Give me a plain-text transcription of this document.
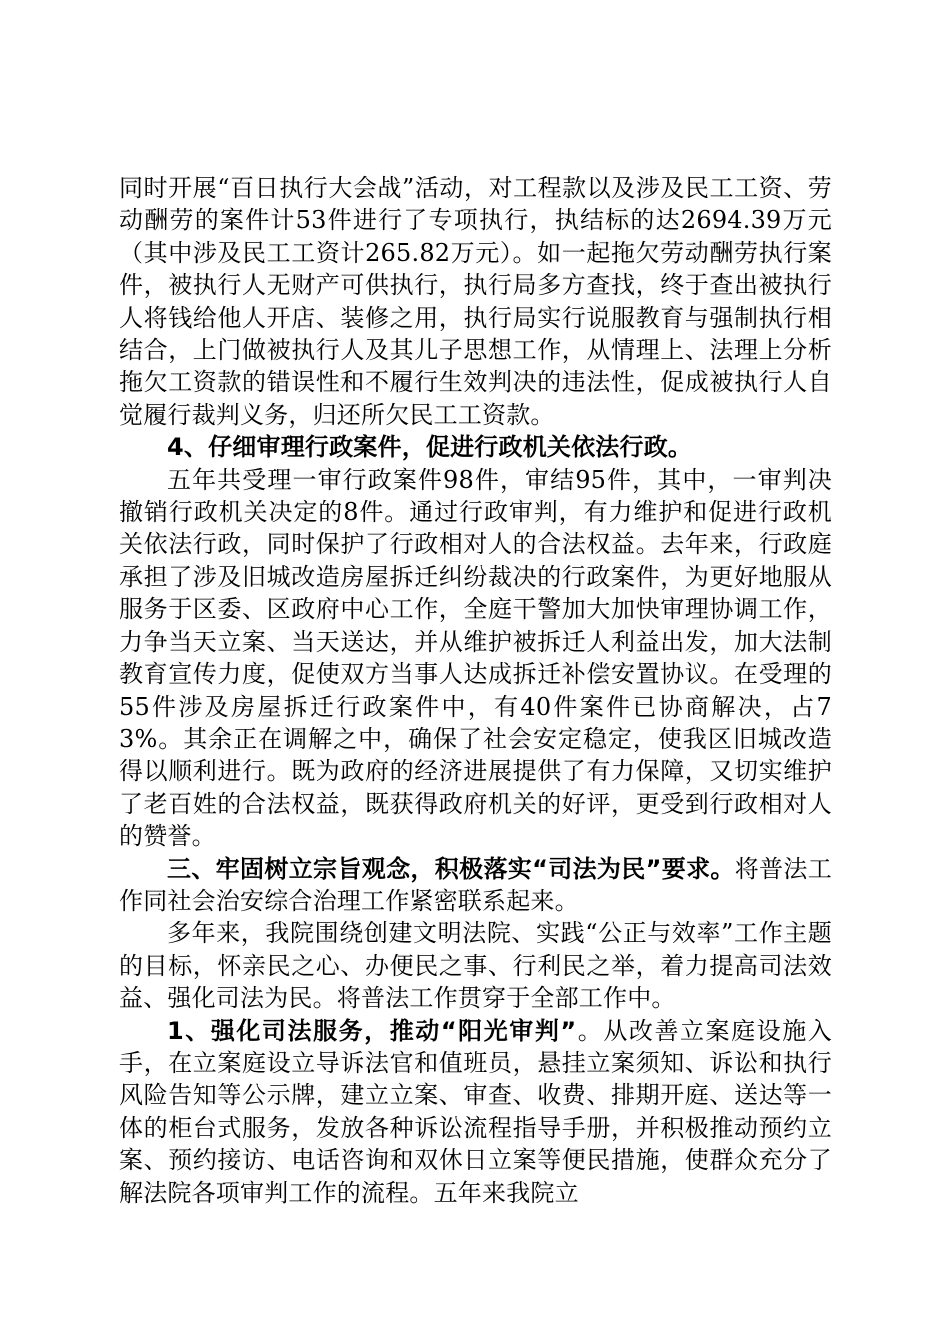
同时开展“百日执行大会战”活动，对工程款以及涉及民工工资、劳动酬劳的案件计53件进行了专项执行，执结标的达2694.39万元（其中涉及民工工资计265.82万元）。如一起拖欠劳动酬劳执行案件，被执行人无财产可供执行，执行局多方查找，终于查出被执行人将钱给他人开店、装修之用，执行局实行说服教育与强制执行相结合，上门做被执行人及其儿子思想工作，从情理上、法理上分析拖欠工资款的错误性和不履行生效判决的违法性，促成被执行人自觉履行裁判义务，归还所欠民工工资款。

4、仔细审理行政案件，促进行政机关依法行政。

五年共受理一审行政案件98件，审结95件，其中，一审判决撤销行政机关决定的8件。通过行政审判，有力维护和促进行政机关依法行政，同时保护了行政相对人的合法权益。去年来，行政庭承担了涉及旧城改造房屋拆迁纠纷裁决的行政案件，为更好地服从服务于区委、区政府中心工作，全庭干警加大加快审理协调工作，力争当天立案、当天送达，并从维护被拆迁人利益出发，加大法制教育宣传力度，促使双方当事人达成拆迁补偿安置协议。在受理的55件涉及房屋拆迁行政案件中，有40件案件已协商解决，占73%。其余正在调解之中，确保了社会安定稳定，使我区旧城改造得以顺利进行。既为政府的经济进展提供了有力保障，又切实维护了老百姓的合法权益，既获得政府机关的好评，更受到行政相对人的赞誉。

三、牢固树立宗旨观念，积极落实“司法为民”要求。将普法工作同社会治安综合治理工作紧密联系起来。

多年来，我院围绕创建文明法院、实践“公正与效率”工作主题的目标，怀亲民之心、办便民之事、行利民之举，着力提高司法效益、强化司法为民。将普法工作贯穿于全部工作中。

1、强化司法服务，推动“阳光审判”。从改善立案庭设施入手，在立案庭设立导诉法官和值班员，悬挂立案须知、诉讼和执行风险告知等公示牌，建立立案、审查、收费、排期开庭、送达等一体的柜台式服务，发放各种诉讼流程指导手册，并积极推动预约立案、预约接访、电话咨询和双休日立案等便民措施，使群众充分了解法院各项审判工作的流程。五年来我院立
